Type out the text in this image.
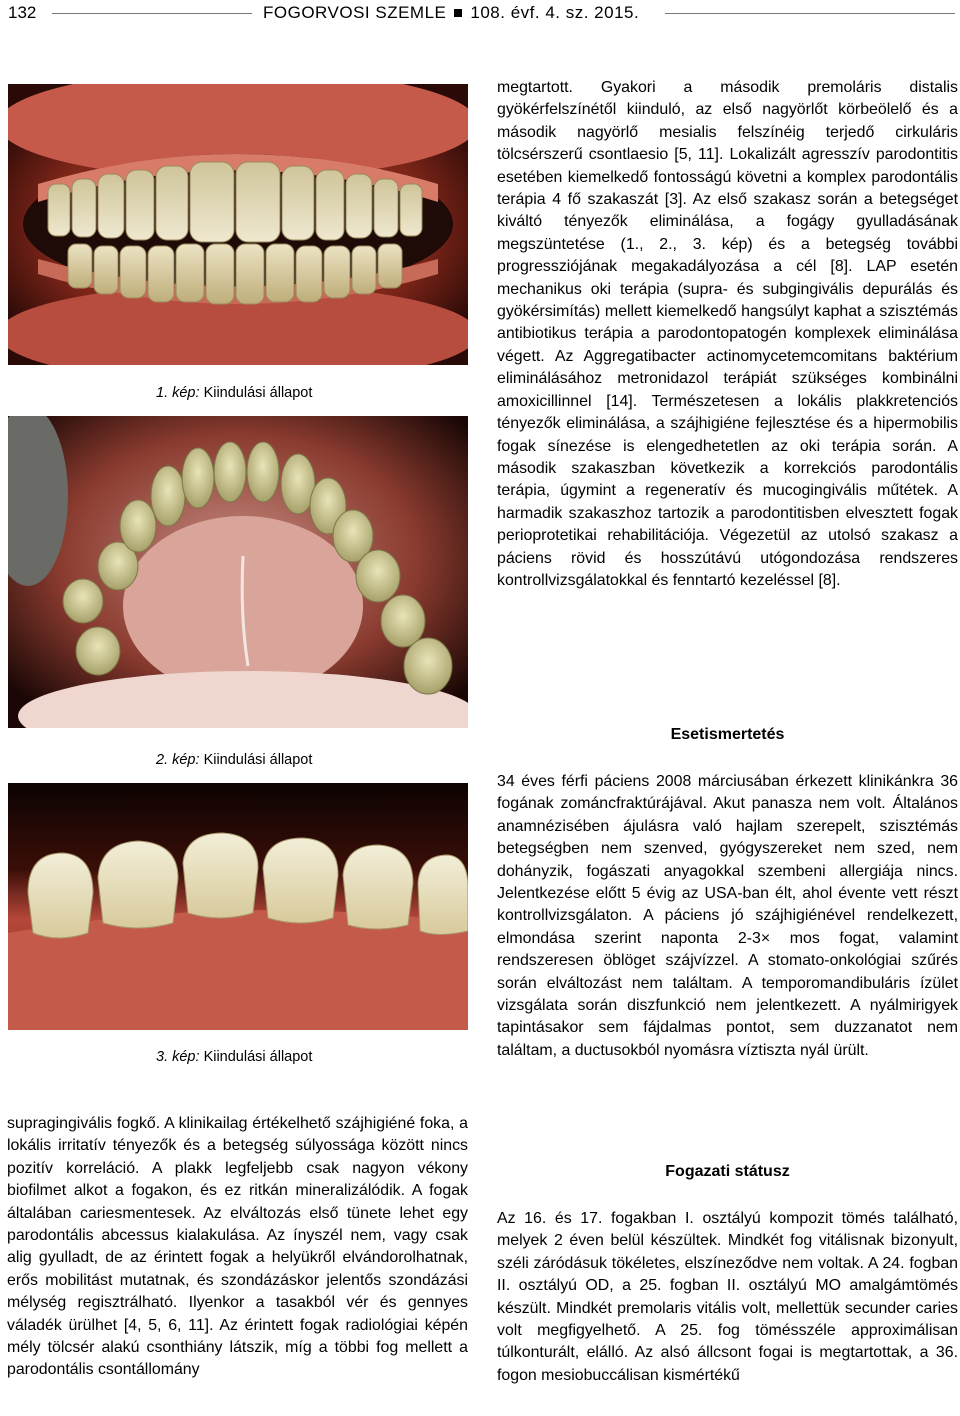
132	FOGORVOSI SZEMLE 108. évf. 4. sz. 2015.
1. kép: Kiindulási állapot
2. kép: Kiindulási állapot
3. kép: Kiindulási állapot

megtartott. Gyakori a második premoláris distalis gyökérfelszínétől kiinduló, az első nagyörlőt körbeölelő és a második nagyörlő mesialis felszínéig terjedő cirkuláris tölcsérszerű csontlaesio [5, 11]. Lokalizált agresszív parodontitis esetében kiemelkedő fontosságú követni a komplex parodontális terápia 4 fő szakaszát [3]. Az első szakasz során a betegséget kiváltó tényezők eliminálása, a fogágy gyulladásának megszüntetése (1., 2., 3. kép) és a betegség további progressziójának megakadályozása a cél [8]. LAP esetén mechanikus oki terápia (supra- és subgingivális depurálás és gyökérsimítás) mellett kiemelkedő hangsúlyt kaphat a szisztémás antibiotikus terápia a parodontopatogén komplexek eliminálása végett. Az Aggregatibacter actinomycetemcomitans baktérium eliminálásához metronidazol terápiát szükséges kombinálni amoxicillinnel [14]. Természetesen a lokális plakkretenciós tényezők eliminálása, a szájhigiéne fejlesztése és a hipermobilis fogak sínezése is elengedhetetlen az oki terápia során. A második szakaszban következik a korrekciós parodontális terápia, úgymint a regeneratív és mucogingivális műtétek. A harmadik szakaszhoz tartozik a parodontitisben elvesztett fogak perioprotetikai rehabilitációja. Végezetül az utolsó szakasz a páciens rövid és hosszútávú utógondozása rendszeres kontrollvizsgálatokkal és fenntartó kezeléssel [8].

Esetismertetés

34 éves férfi páciens 2008 márciusában érkezett klinikánkra 36 fogának zománcfraktúrájával. Akut panasza nem volt. Általános anamnézisében ájulásra való hajlam szerepelt, szisztémás betegségben nem szenved, gyógyszereket nem szed, nem dohányzik, fogászati anyagokkal szembeni allergiája nincs. Jelentkezése előtt 5 évig az USA-ban élt, ahol évente vett részt kontrollvizsgálaton. A páciens jó szájhigiénével rendelkezett, elmondása szerint naponta 2-3× mos fogat, valamint rendszeresen öblöget szájvízzel. A stomato-onkológiai szűrés során elváltozást nem találtam. A temporomandibuláris ízület vizsgálata során diszfunkció nem jelentkezett. A nyálmirigyek tapintásakor sem fájdalmas pontot, sem duzzanatot nem találtam, a ductusokból nyomásra víztiszta nyál ürült.

Fogazati státusz

Az 16. és 17. fogakban I. osztályú kompozit tömés található, melyek 2 éven belül készültek. Mindkét fog vitálisnak bizonyult, széli záródásuk tökéletes, elszíneződve nem voltak. A 24. fogban II. osztályú OD, a 25. fogban II. osztályú MO amalgámtömés készült. Mindkét premolaris vitális volt, mellettük secunder caries volt megfigyelhető. A 25. fog tömésszéle approximálisan túlkonturált, elálló. Az alsó állcsont fogai is megtartottak, a 36. fogon mesiobuccálisan kismértékű

supragingivális fogkő. A klinikailag értékelhető szájhigiéné foka, a lokális irritatív tényezők és a betegség súlyossága között nincs pozitív korreláció. A plakk legfeljebb csak nagyon vékony biofilmet alkot a fogakon, és ez ritkán mineralizálódik. A fogak általában cariesmentesek. Az elváltozás első tünete lehet egy parodontális abcessus kialakulása. Az ínyszél nem, vagy csak alig gyulladt, de az érintett fogak a helyükről elvándorolhatnak, erős mobilitást mutatnak, és szondázáskor jelentős szondázási mélység regisztrálható. Ilyenkor a tasakból vér és gennyes váladék ürülhet [4, 5, 6, 11]. Az érintett fogak radiológiai képén mély tölcsér alakú csonthiány látszik, míg a többi fog mellett a parodontális csontállomány
